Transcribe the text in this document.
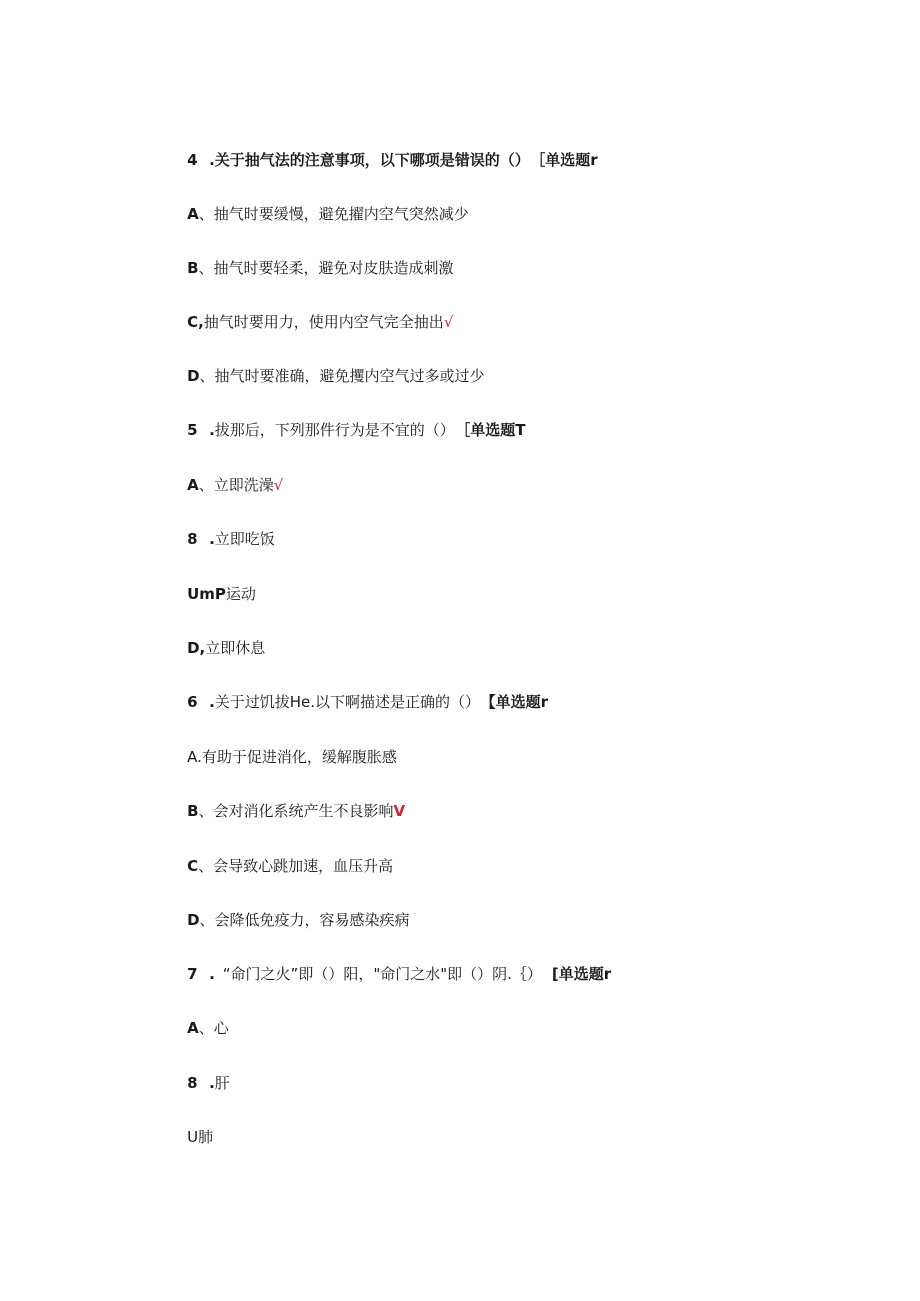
4 .关于抽气法的注意事项，以下哪项是错误的（） ［单选题r

A、抽气时要缓慢，避免擢内空气突然减少

B、抽气时要轻柔，避免对皮肤造成刺激

C,抽气时要用力，使用内空气完全抽出√

D、抽气时要准确，避免攫内空气过多或过少

5 .拔那后，下列那件行为是不宜的（） ［单选题T

A、立即洗澡√

8 .立即吃饭

UmP运动

D,立即休息

6 .关于过饥拔He.以下啊描述是正确的（） 【单选题r

A.有助于促进消化，缓解腹胀感

B、会对消化系统产生不良影响V

C、会导致心跳加速，血压升高

D、会降低免疫力，容易感染疾病

7 . “命门之火”即（）阳，"命门之水"即（）阴.｛） [单选题r

A、心

8 .肝

U肺
